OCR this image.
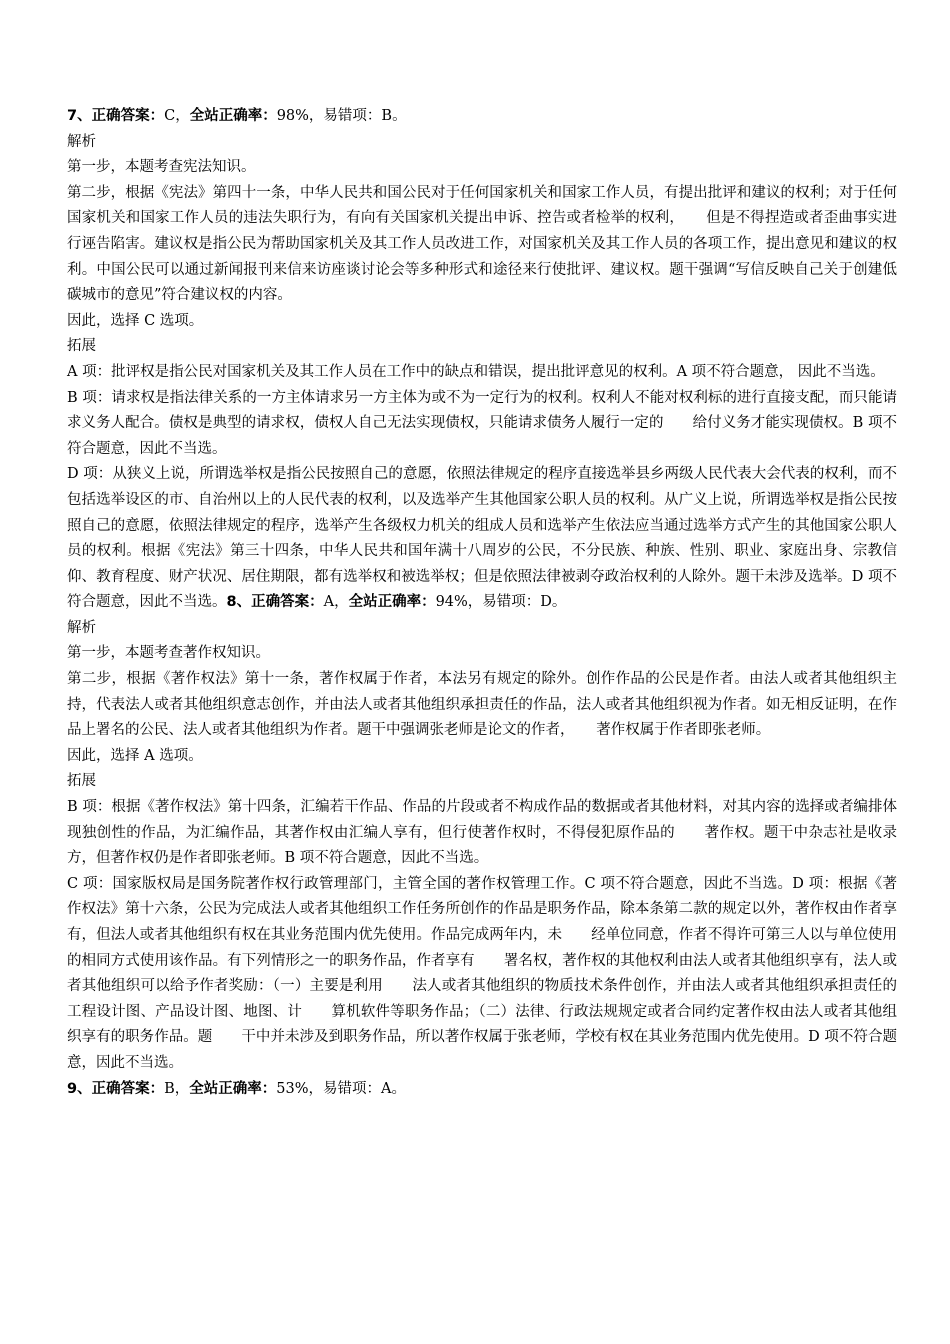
7、正确答案：C，全站正确率：98%，易错项：B。

解析

第一步，本题考查宪法知识。

第二步，根据《宪法》第四十一条，中华人民共和国公民对于任何国家机关和国家工作人员，有提出批评和建议的权利；对于任何国家机关和国家工作人员的违法失职行为，有向有关国家机关提出申诉、控告或者检举的权利，　　但是不得捏造或者歪曲事实进行诬告陷害。建议权是指公民为帮助国家机关及其工作人员改进工作，对国家机关及其工作人员的各项工作，提出意见和建议的权利。中国公民可以通过新闻报刊来信来访座谈讨论会等多种形式和途径来行使批评、建议权。题干强调“写信反映自己关于创建低碳城市的意见”符合建议权的内容。

因此，选择 C 选项。

拓展

A 项：批评权是指公民对国家机关及其工作人员在工作中的缺点和错误，提出批评意见的权利。A 项不符合题意， 因此不当选。

B 项：请求权是指法律关系的一方主体请求另一方主体为或不为一定行为的权利。权利人不能对权利标的进行直接支配，而只能请求义务人配合。债权是典型的请求权，债权人自己无法实现债权，只能请求债务人履行一定的　　给付义务才能实现债权。B 项不符合题意，因此不当选。

D 项：从狭义上说，所谓选举权是指公民按照自己的意愿，依照法律规定的程序直接选举县乡两级人民代表大会代表的权利，而不包括选举设区的市、自治州以上的人民代表的权利，以及选举产生其他国家公职人员的权利。从广义上说，所谓选举权是指公民按照自己的意愿，依照法律规定的程序，选举产生各级权力机关的组成人员和选举产生依法应当通过选举方式产生的其他国家公职人员的权利。根据《宪法》第三十四条，中华人民共和国年满十八周岁的公民，不分民族、种族、性别、职业、家庭出身、宗教信仰、教育程度、财产状况、居住期限，都有选举权和被选举权；但是依照法律被剥夺政治权利的人除外。题干未涉及选举。D 项不符合题意，因此不当选。8、正确答案：A，全站正确率：94%，易错项：D。

解析

第一步，本题考查著作权知识。

第二步，根据《著作权法》第十一条，著作权属于作者，本法另有规定的除外。创作作品的公民是作者。由法人或者其他组织主持，代表法人或者其他组织意志创作，并由法人或者其他组织承担责任的作品，法人或者其他组织视为作者。如无相反证明，在作品上署名的公民、法人或者其他组织为作者。题干中强调张老师是论文的作者，　　著作权属于作者即张老师。

因此，选择 A 选项。

拓展

B 项：根据《著作权法》第十四条，汇编若干作品、作品的片段或者不构成作品的数据或者其他材料，对其内容的选择或者编排体现独创性的作品，为汇编作品，其著作权由汇编人享有，但行使著作权时，不得侵犯原作品的　　著作权。题干中杂志社是收录方，但著作权仍是作者即张老师。B 项不符合题意，因此不当选。

C 项：国家版权局是国务院著作权行政管理部门，主管全国的著作权管理工作。C 项不符合题意，因此不当选。D 项：根据《著作权法》第十六条，公民为完成法人或者其他组织工作任务所创作的作品是职务作品，除本条第二款的规定以外，著作权由作者享有，但法人或者其他组织有权在其业务范围内优先使用。作品完成两年内，未　　经单位同意，作者不得许可第三人以与单位使用的相同方式使用该作品。有下列情形之一的职务作品，作者享有　　署名权，著作权的其他权利由法人或者其他组织享有，法人或者其他组织可以给予作者奖励：（一）主要是利用　　法人或者其他组织的物质技术条件创作，并由法人或者其他组织承担责任的工程设计图、产品设计图、地图、计　　算机软件等职务作品；（二）法律、行政法规规定或者合同约定著作权由法人或者其他组织享有的职务作品。题　　干中并未涉及到职务作品，所以著作权属于张老师，学校有权在其业务范围内优先使用。D 项不符合题意，因此不当选。

9、正确答案：B，全站正确率：53%，易错项：A。
